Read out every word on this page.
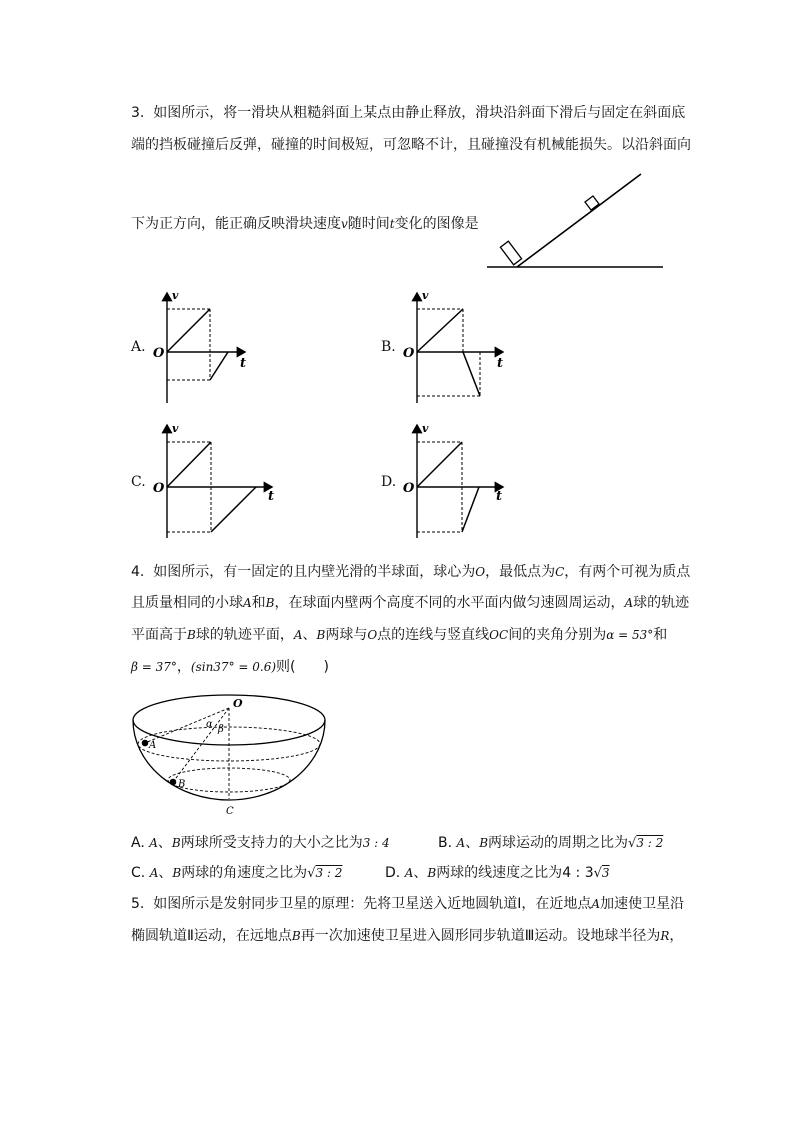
3. 如图所示，将一滑块从粗糙斜面上某点由静止释放，滑块沿斜面下滑后与固定在斜面底
端的挡板碰撞后反弹，碰撞的时间极短，可忽略不计，且碰撞没有机械能损失。以沿斜面向
下为正方向，能正确反映滑块速度v随时间t变化的图像是
A.	B.
C.	D.
v
O
t
v
O
t
v
O
t
v
O
t
4. 如图所示，有一固定的且内壁光滑的半球面，球心为O，最低点为C，有两个可视为质点
且质量相同的小球A和B，在球面内壁两个高度不同的水平面内做匀速圆周运动，A球的轨迹
平面高于B球的轨迹平面，A、B两球与O点的连线与竖直线OC间的夹角分别为α = 53°和
β = 37°，(sin37° = 0.6)则(　　)
O
α β
A
B
C
A. A、B两球所受支持力的大小之比为3 : 4	B. A、B两球运动的周期之比为√3 : 2
C. A、B两球的角速度之比为√3 : 2	D. A、B两球的线速度之比为4 : 3√3
5. 如图所示是发射同步卫星的原理：先将卫星送入近地圆轨道Ⅰ，在近地点A加速使卫星沿
椭圆轨道Ⅱ运动，在远地点B再一次加速使卫星进入圆形同步轨道Ⅲ运动。设地球半径为R，
